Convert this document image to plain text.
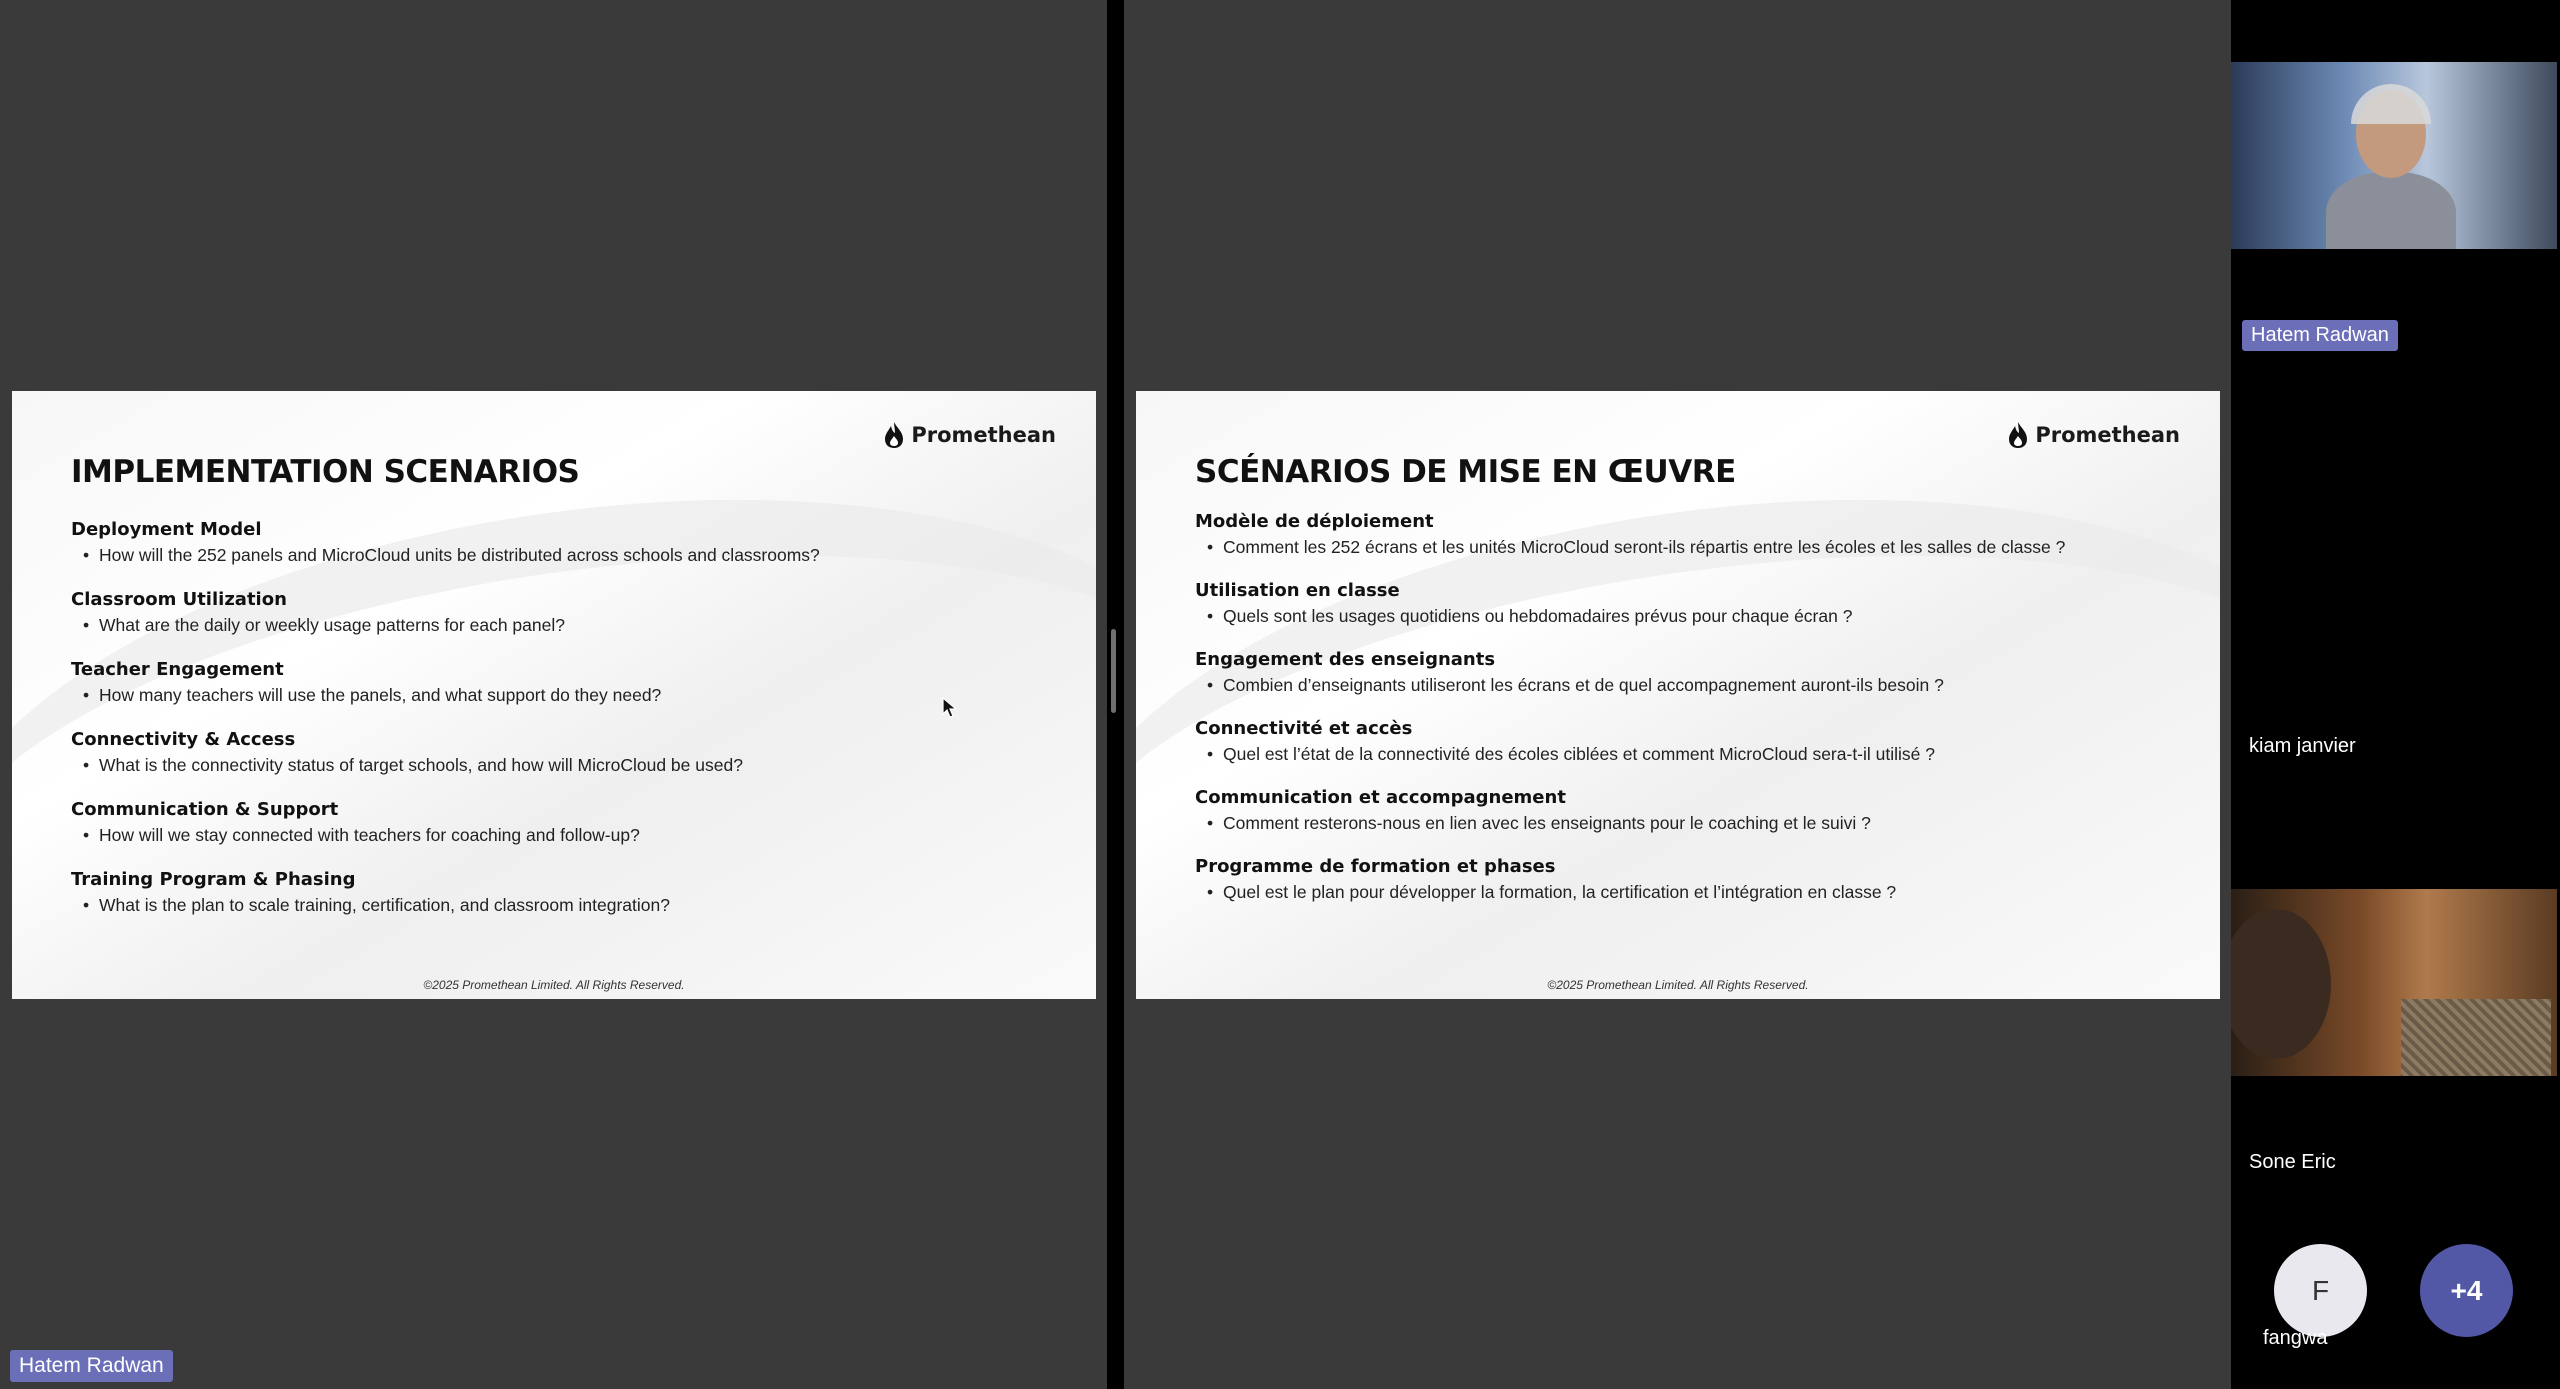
Promethean
IMPLEMENTATION SCENARIOS
Deployment Model
• How will the 252 panels and MicroCloud units be distributed across schools and classrooms?
Classroom Utilization
• What are the daily or weekly usage patterns for each panel?
Teacher Engagement
• How many teachers will use the panels, and what support do they need?
Connectivity & Access
• What is the connectivity status of target schools, and how will MicroCloud be used?
Communication & Support
• How will we stay connected with teachers for coaching and follow-up?
Training Program & Phasing
• What is the plan to scale training, certification, and classroom integration?
©2025 Promethean Limited. All Rights Reserved.
Hatem Radwan
Promethean
SCÉNARIOS DE MISE EN ŒUVRE
Modèle de déploiement
• Comment les 252 écrans et les unités MicroCloud seront-ils répartis entre les écoles et les salles de classe ?
Utilisation en classe
• Quels sont les usages quotidiens ou hebdomadaires prévus pour chaque écran ?
Engagement des enseignants
• Combien d’enseignants utiliseront les écrans et de quel accompagnement auront-ils besoin ?
Connectivité et accès
• Quel est l’état de la connectivité des écoles ciblées et comment MicroCloud sera-t-il utilisé ?
Communication et accompagnement
• Comment resterons-nous en lien avec les enseignants pour le coaching et le suivi ?
Programme de formation et phases
• Quel est le plan pour développer la formation, la certification et l’intégration en classe ?
©2025 Promethean Limited. All Rights Reserved.
Hatem Radwan
kiam janvier
Sone Eric
F	+4
fangwa
